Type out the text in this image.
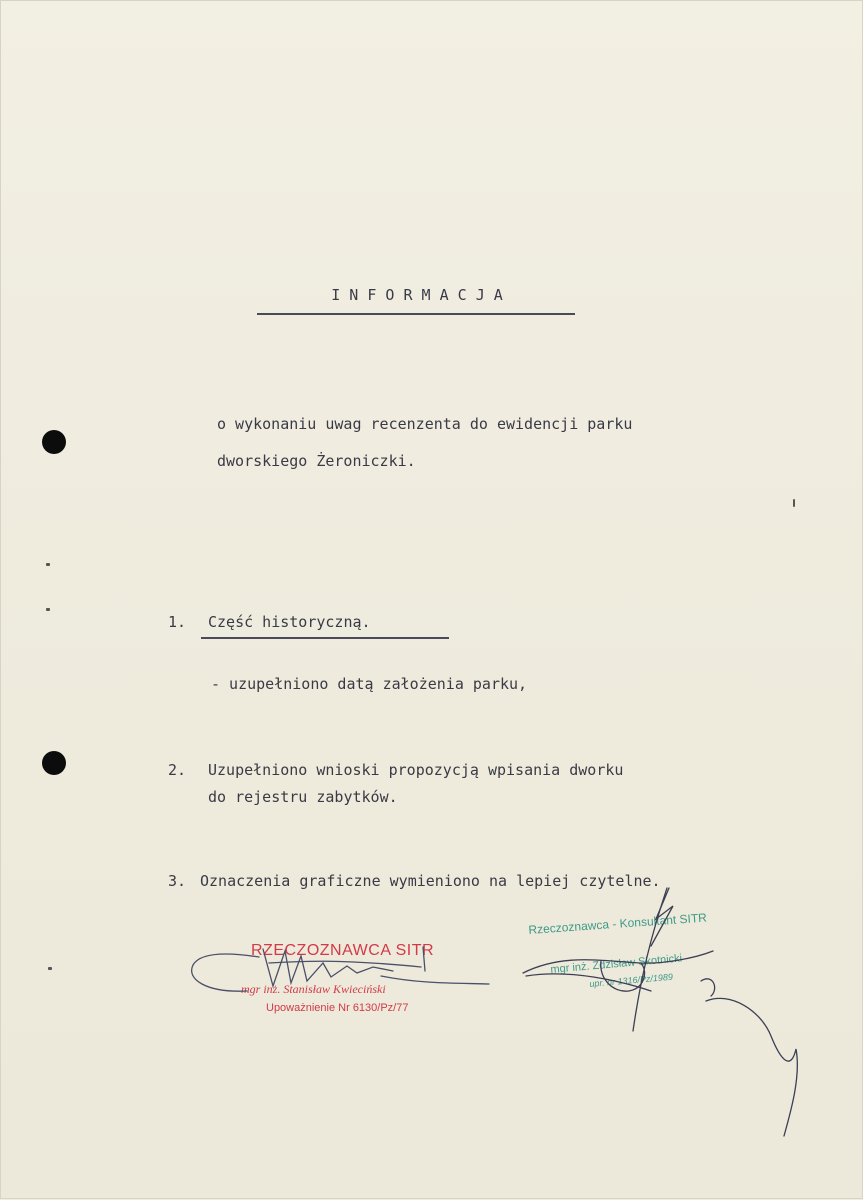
I N F O R M A C J A
o wykonaniu uwag recenzenta do ewidencji parku
dworskiego Żeroniczki.
1. Część historyczną.
- uzupełniono datą założenia parku,
2. Uzupełniono wnioski propozycją wpisania dworku
do rejestru zabytków.
3. Oznaczenia graficzne wymieniono na lepiej czytelne.
RZECZOZNAWCA SITR
mgr inż. Stanisław Kwieciński
Upoważnienie Nr 6130/Pz/77
Rzeczoznawca - Konsultant SITR
mgr inż. Zdzisław Skotnicki
upr. nr 1316/Pz/1989
